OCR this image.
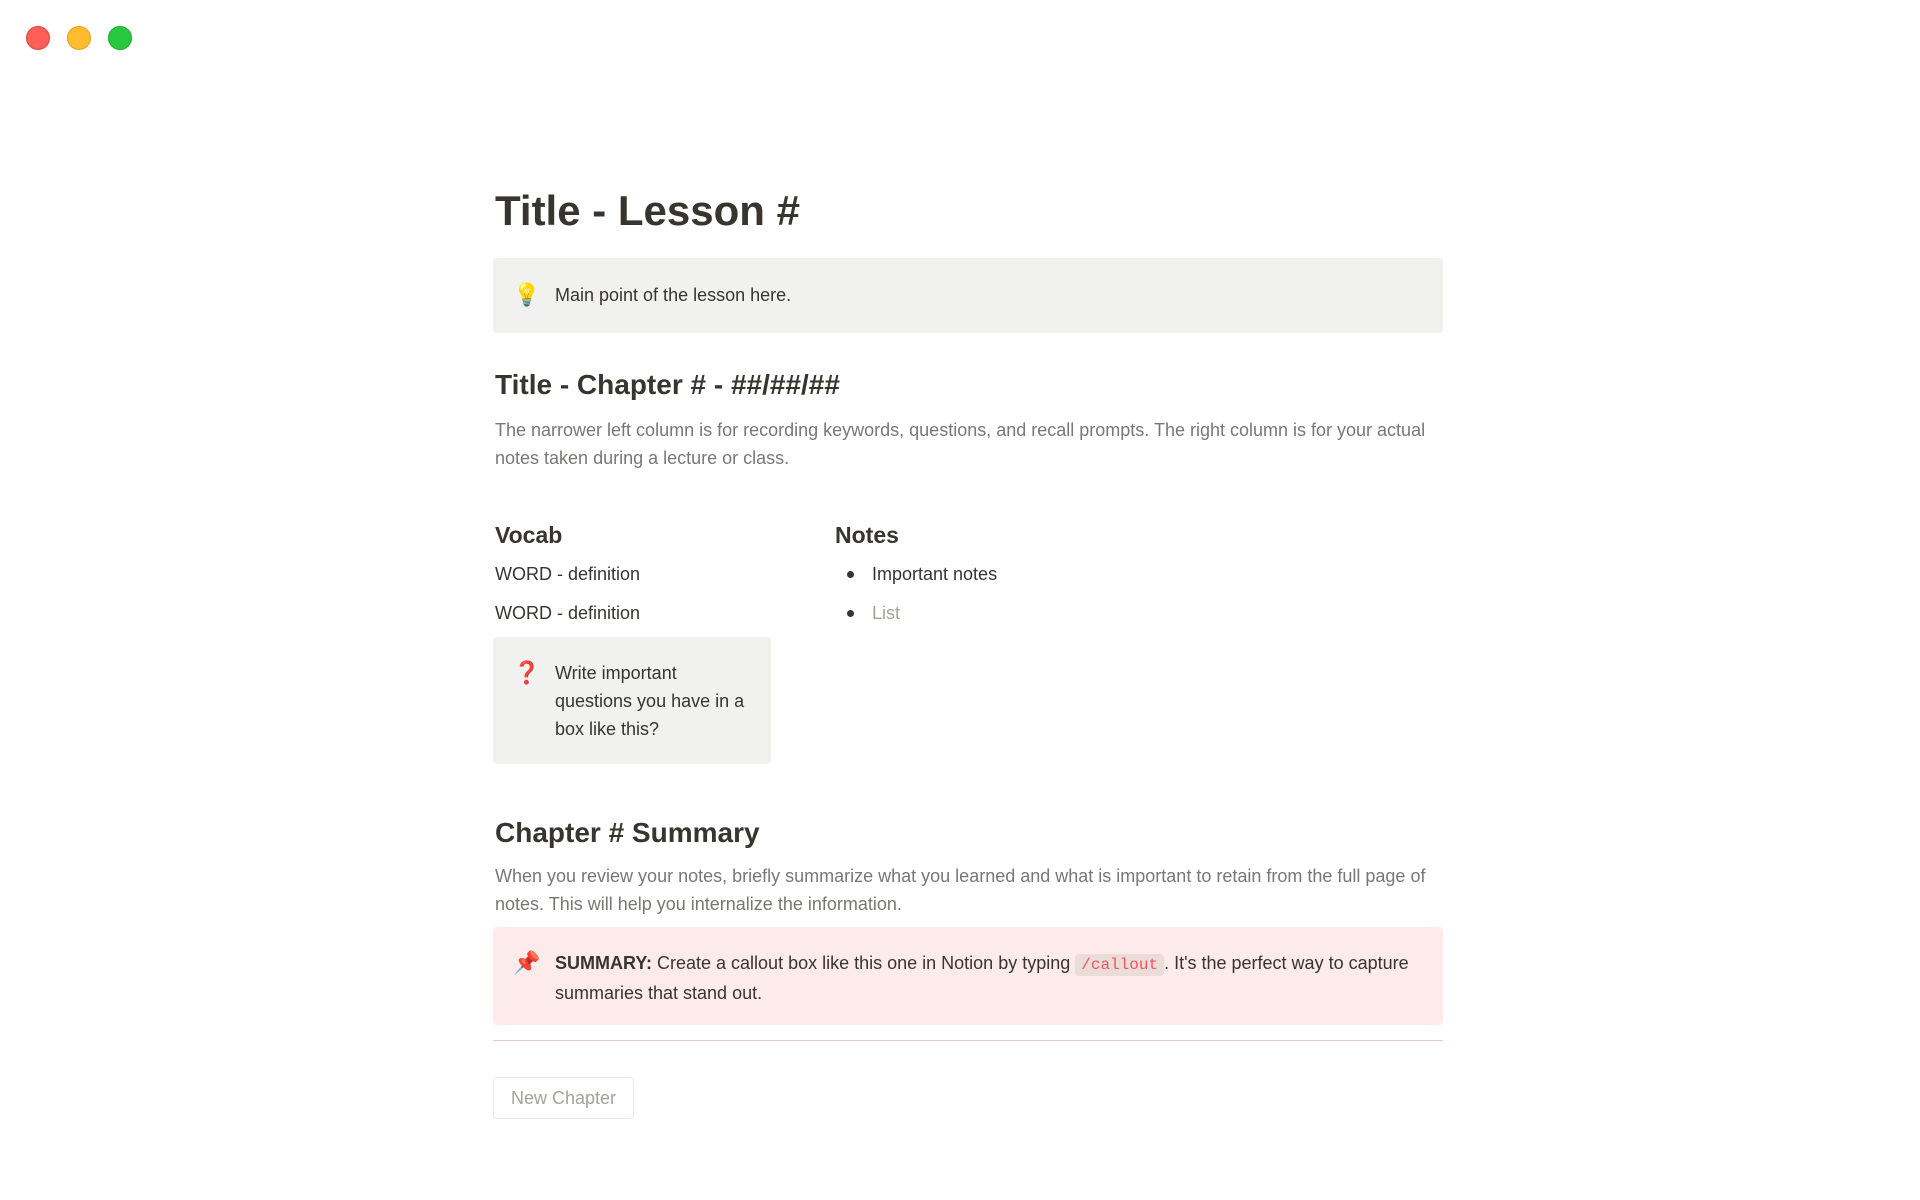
Title - Lesson #
💡 Main point of the lesson here.
Title - Chapter # - ##/##/##

The narrower left column is for recording keywords, questions, and recall prompts. The right column is for your actual notes taken during a lecture or class.

Vocab

WORD - definition

WORD - definition

❓ Write important questions you have in a box like this?
Notes
Important notes
List
Chapter # Summary

When you review your notes, briefly summarize what you learned and what is important to retain from the full page of notes. This will help you internalize the information.

📌 SUMMARY: Create a callout box like this one in Notion by typing /callout . It's the perfect way to capture summaries that stand out.
New Chapter
